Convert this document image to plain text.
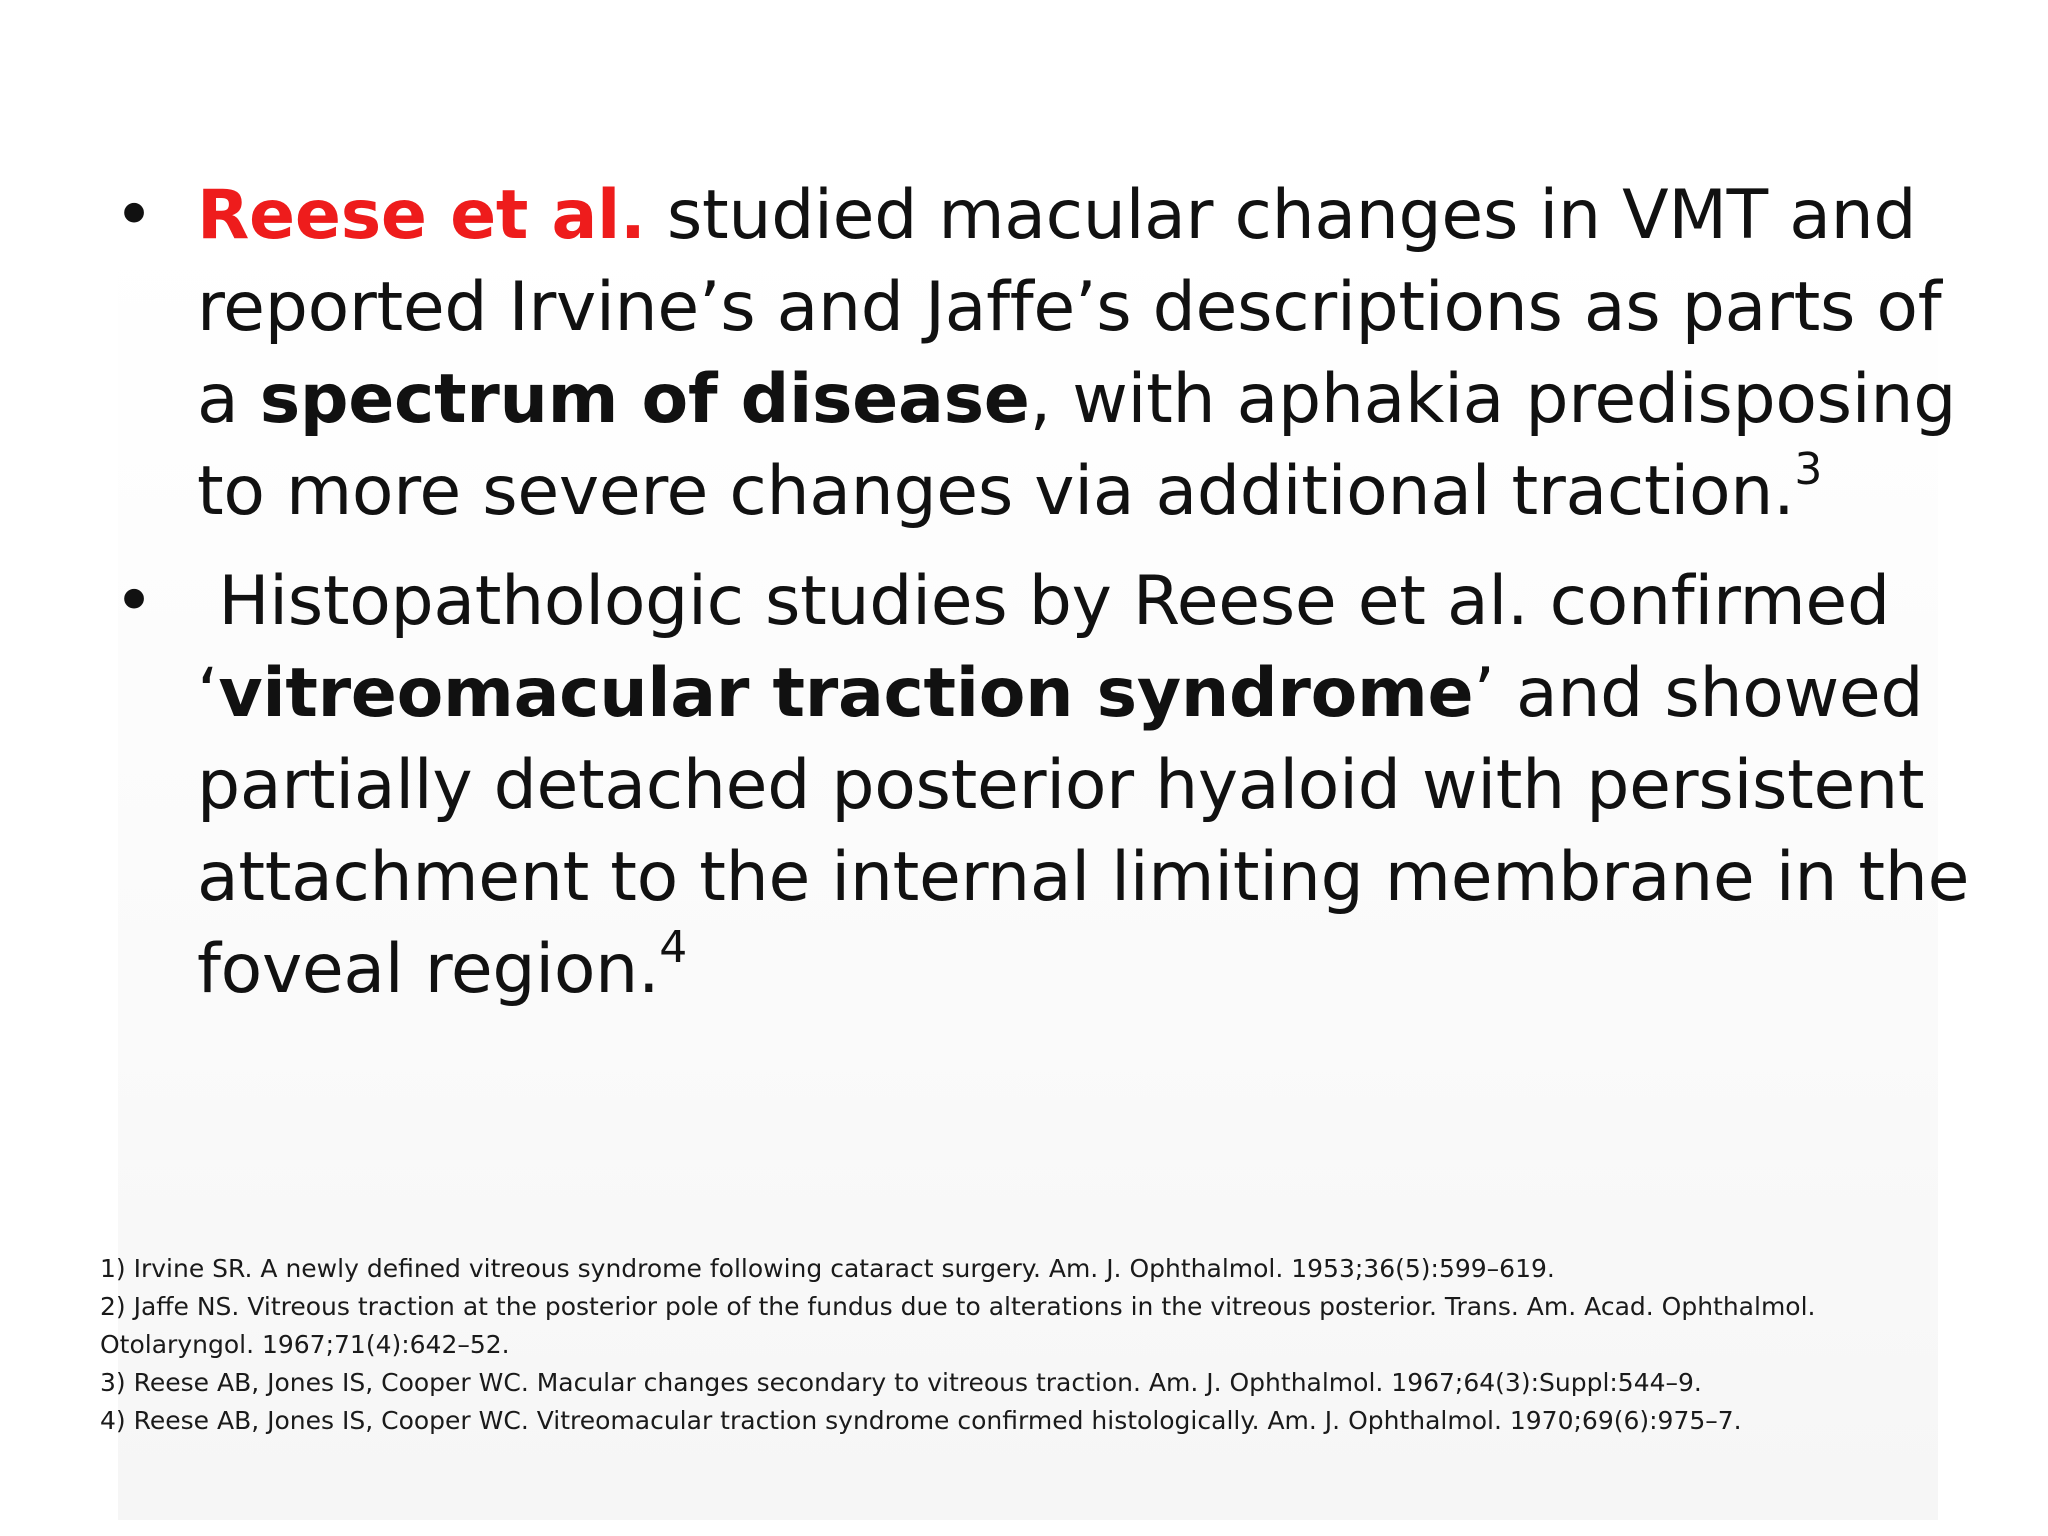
• Reese et al. studied macular changes in VMT and reported Irvine’s and Jaffe’s descriptions as parts of a spectrum of disease, with aphakia predisposing to more severe changes via additional traction.$^3$
• Histopathologic studies by Reese et al. confirmed ‘vitreomacular traction syndrome’ and showed partially detached posterior hyaloid with persistent attachment to the internal limiting membrane in the foveal region.$^4$
1) Irvine SR. A newly defined vitreous syndrome following cataract surgery. Am. J. Ophthalmol. 1953;36(5):599–619.
2) Jaffe NS. Vitreous traction at the posterior pole of the fundus due to alterations in the vitreous posterior. Trans. Am. Acad. Ophthalmol. Otolaryngol. 1967;71(4):642–52.
3) Reese AB, Jones IS, Cooper WC. Macular changes secondary to vitreous traction. Am. J. Ophthalmol. 1967;64(3):Suppl:544–9.
4) Reese AB, Jones IS, Cooper WC. Vitreomacular traction syndrome confirmed histologically. Am. J. Ophthalmol. 1970;69(6):975–7.
